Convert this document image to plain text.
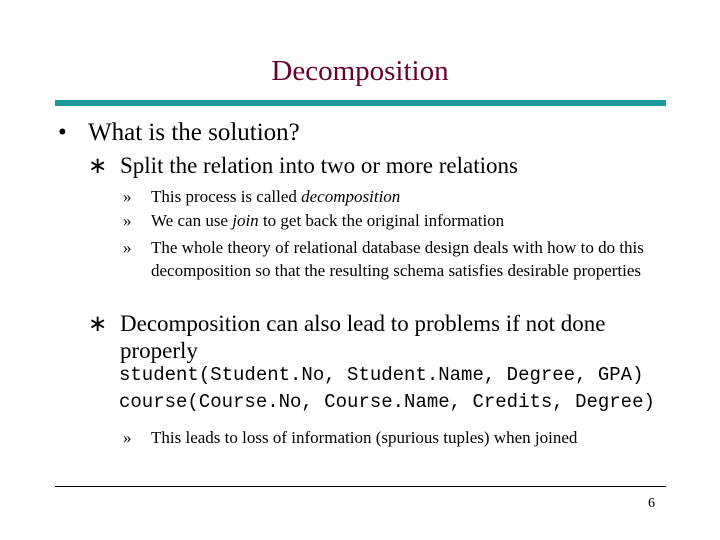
Decomposition
• What is the solution?
∗ Split the relation into two or more relations
» This process is called decomposition
» We can use join to get back the original information
» The whole theory of relational database design deals with how to do this decomposition so that the resulting schema satisfies desirable properties
∗ Decomposition can also lead to problems if not done properly
student(Student.No, Student.Name, Degree, GPA)
course(Course.No, Course.Name, Credits, Degree)
» This leads to loss of information (spurious tuples) when joined
6
